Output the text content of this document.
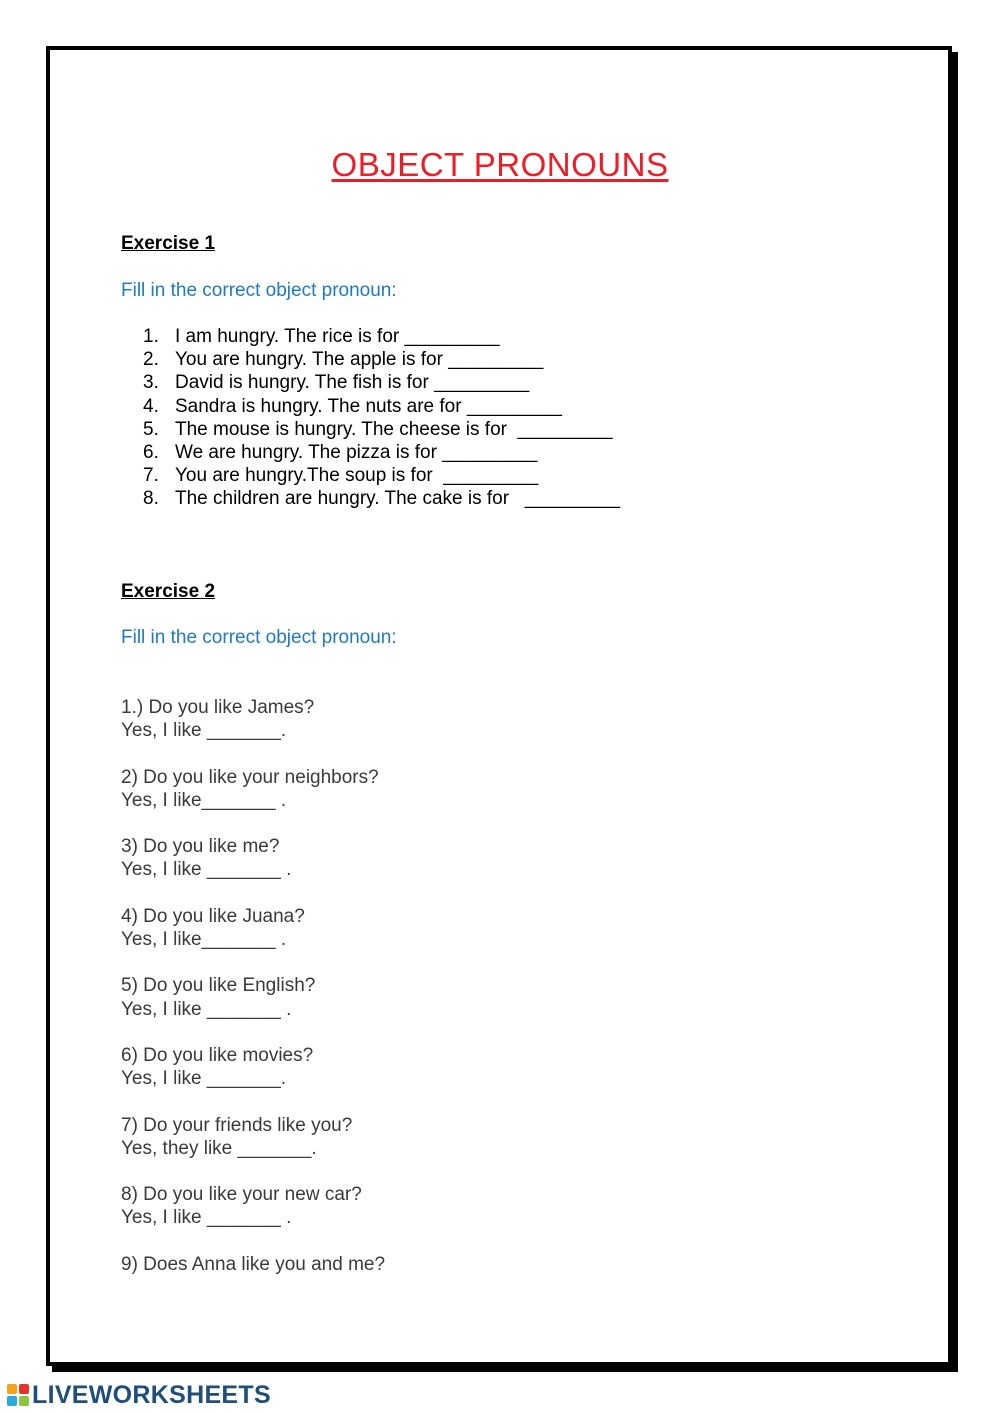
OBJECT PRONOUNS
Exercise 1

Fill in the correct object pronoun:

1. I am hungry. The rice is for _________
2. You are hungry. The apple is for _________
3. David is hungry. The fish is for _________
4. Sandra is hungry. The nuts are for _________
5. The mouse is hungry. The cheese is for  _________
6. We are hungry. The pizza is for _________
7. You are hungry.The soup is for  _________
8. The children are hungry. The cake is for   _________
Exercise 2

Fill in the correct object pronoun:

1.) Do you like James?
Yes, I like _______.
2) Do you like your neighbors?
Yes, I like_______ .
3) Do you like me?
Yes, I like _______ .
4) Do you like Juana?
Yes, I like_______ .
5) Do you like English?
Yes, I like _______ .
6) Do you like movies?
Yes, I like _______.
7) Do your friends like you?
Yes, they like _______.
8) Do you like your new car?
Yes, I like _______ .
9) Does Anna like you and me?
LIVEWORKSHEETS
